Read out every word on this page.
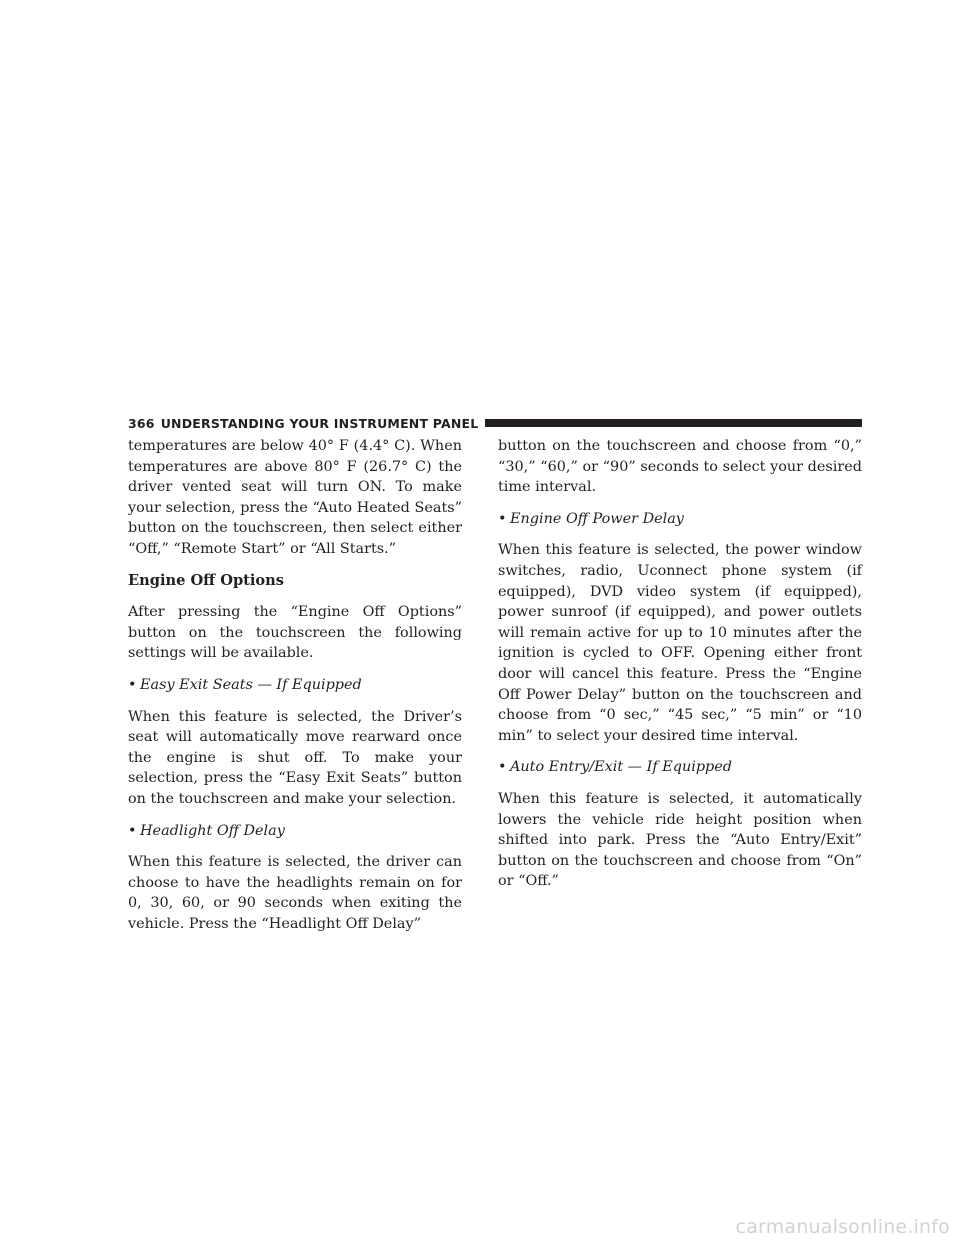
366 UNDERSTANDING YOUR INSTRUMENT PANEL

temperatures are below 40° F (4.4° C). When temperatures are above 80° F (26.7° C) the driver vented seat will turn ON. To make your selection, press the “Auto Heated Seats” button on the touchscreen, then select either “Off,” “Remote Start” or “All Starts.”

Engine Off Options

After pressing the “Engine Off Options” button on the touchscreen the following settings will be available.

• Easy Exit Seats — If Equipped

When this feature is selected, the Driver’s seat will automatically move rearward once the engine is shut off. To make your selection, press the “Easy Exit Seats” button on the touchscreen and make your selection.

• Headlight Off Delay

When this feature is selected, the driver can choose to have the headlights remain on for 0, 30, 60, or 90 seconds when exiting the vehicle. Press the “Headlight Off Delay”

button on the touchscreen and choose from “0,” “30,” “60,” or “90” seconds to select your desired time interval.

• Engine Off Power Delay

When this feature is selected, the power window switches, radio, Uconnect phone system (if equipped), DVD video system (if equipped), power sunroof (if equipped), and power outlets will remain active for up to 10 minutes after the ignition is cycled to OFF. Opening either front door will cancel this feature. Press the “Engine Off Power Delay” button on the touchscreen and choose from “0 sec,” “45 sec,” “5 min” or “10 min” to select your desired time interval.

• Auto Entry/Exit — If Equipped

When this feature is selected, it automatically lowers the vehicle ride height position when shifted into park. Press the “Auto Entry/Exit” button on the touchscreen and choose from “On” or “Off.”

carmanualsonline.info
